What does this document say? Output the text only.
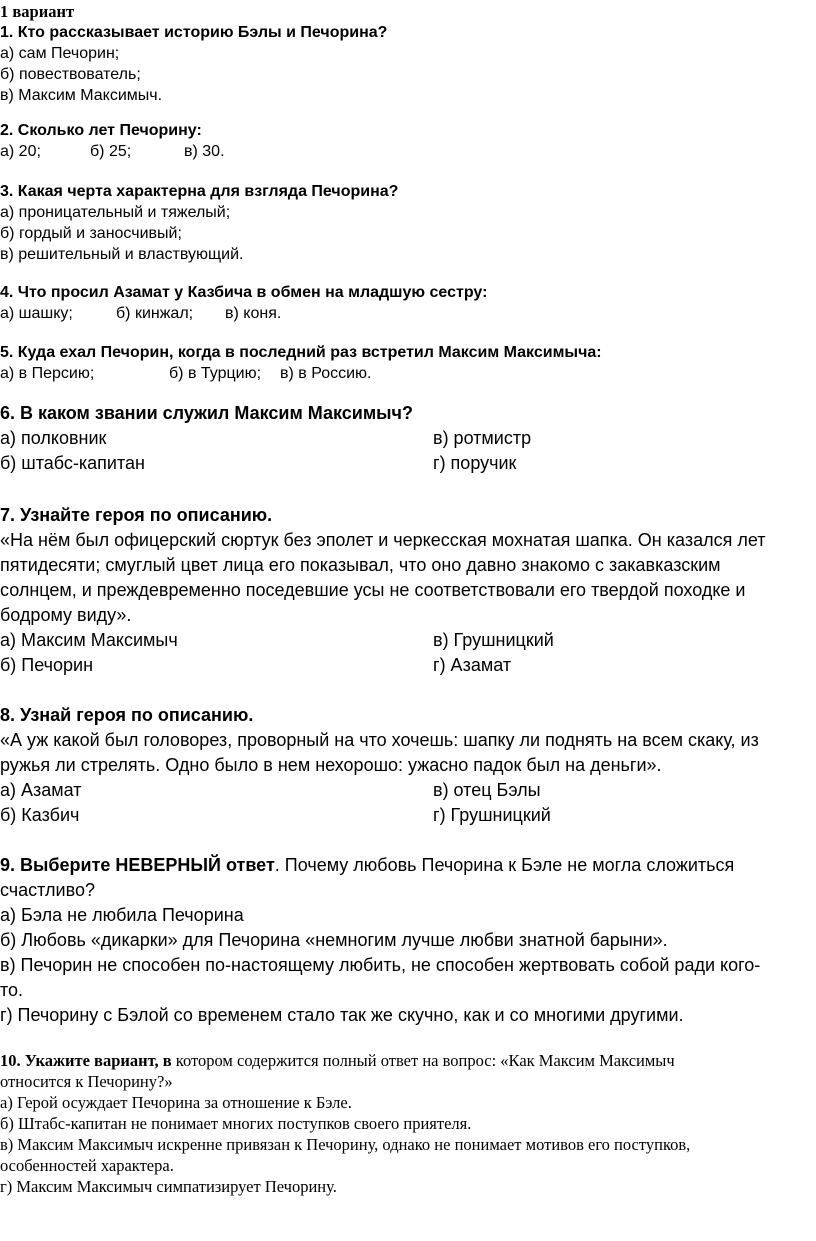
1 вариант
1. Кто рассказывает историю Бэлы и Печорина?
а) сам Печорин;
б) повествователь;
в) Максим Максимыч.
2. Сколько лет Печорину:
а) 20;	б) 25;	в) 30.
3. Какая черта характерна для взгляда Печорина?
а) проницательный и тяжелый;
б) гордый и заносчивый;
в) решительный и властвующий.
4. Что просил Азамат у Казбича в обмен на младшую сестру:
а) шашку;	б) кинжал; в) коня.
5. Куда ехал Печорин, когда в последний раз встретил Максим Максимыча:
а) в Персию;	б) в Турцию; в) в Россию.
6. В каком звании служил Максим Максимыч?
а) полковник	в) ротмистр
б) штабс-капитан	г) поручик
7. Узнайте героя по описанию.
«На нём был офицерский сюртук без эполет и черкесская мохнатая шапка. Он казался лет
пятидесяти; смуглый цвет лица его показывал, что оно давно знакомо с закавказским
солнцем, и преждевременно поседевшие усы не соответствовали его твердой походке и
бодрому виду».
а) Максим Максимыч	в) Грушницкий
б) Печорин	г) Азамат
8. Узнай героя по описанию.
«А уж какой был головорез, проворный на что хочешь: шапку ли поднять на всем скаку, из
ружья ли стрелять. Одно было в нем нехорошо: ужасно падок был на деньги».
а) Азамат	в) отец Бэлы
б) Казбич	г) Грушницкий
9. Выберите НЕВЕРНЫЙ ответ. Почему любовь Печорина к Бэле не могла сложиться
счастливо?
а) Бэла не любила Печорина
б) Любовь «дикарки» для Печорина «немногим лучше любви знатной барыни».
в) Печорин не способен по-настоящему любить, не способен жертвовать собой ради кого-
то.
г) Печорину с Бэлой со временем стало так же скучно, как и со многими другими.
10. Укажите вариант, в котором содержится полный ответ на вопрос: «Как Максим Максимыч
относится к Печорину?»
а) Герой осуждает Печорина за отношение к Бэле.
б) Штабс-капитан не понимает многих поступков своего приятеля.
в) Максим Максимыч искренне привязан к Печорину, однако не понимает мотивов его поступков,
особенностей характера.
г) Максим Максимыч симпатизирует Печорину.
